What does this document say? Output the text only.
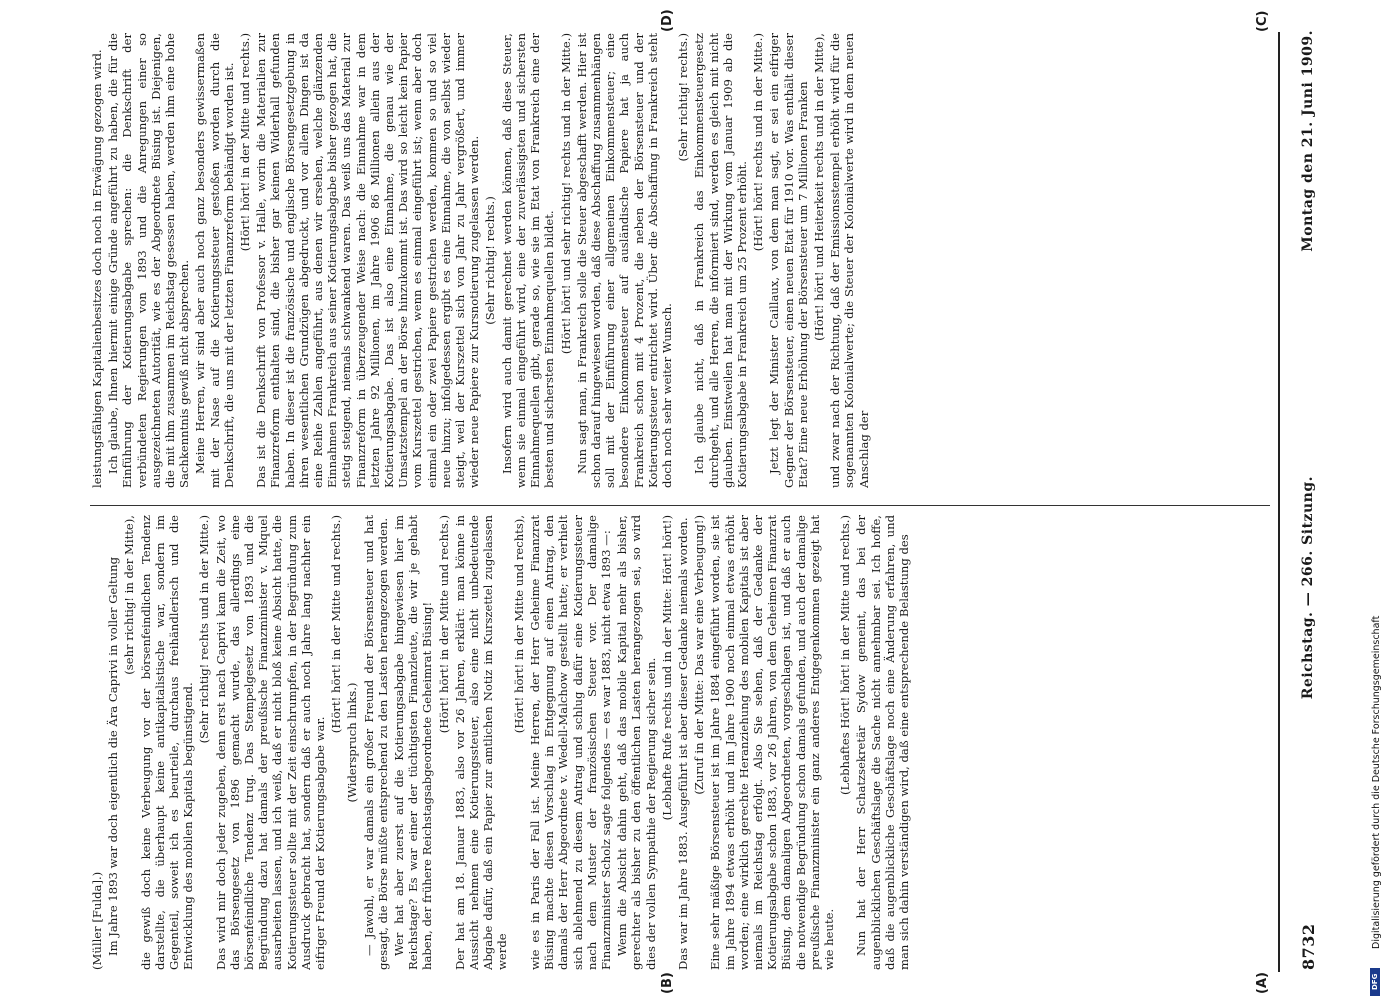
8732
Reichstag. — 266. Sitzung.
Montag den 21. Juni 1909.

(Müller [Fulda].) Im Jahre 1893 war doch eigentlich die Ära Caprivi in voller Geltung (sehr richtig! in der Mitte), die gewiß doch keine Verbeugung vor der börsenfeindlichen Tendenz darstellte, die überhaupt keine antikapitalistische war, sondern im Gegenteil, soweit ich es beurteile, durchaus freihändlerisch und die Entwicklung des mobilen Kapitals begünstigend.

(Sehr richtig! rechts und in der Mitte.) Das wird mir doch jeder zugeben, denn erst nach Caprivi kam die Zeit, wo das Börsengesetz von 1896 gemacht wurde, das allerdings eine börsenfeindliche Tendenz trug. Das Stempelgesetz von 1893 und die Begründung dazu hat damals der preußische Finanzminister v. Miquel ausarbeiten lassen, und ich weiß, daß er nicht bloß keine Absicht hatte, die Kotierungssteuer sollte mit der Zeit einschrumpfen, in der Begründung zum Ausdruck gebracht hat, sondern daß er auch noch Jahre lang nachher ein eifriger Freund der Kotierungsabgabe war.

(Hört! hört! in der Mitte und rechts.)

(Widerspruch links.) — Jawohl, er war damals ein großer Freund der Börsensteuer und hat gesagt, die Börse müßte entsprechend zu den Lasten herangezogen werden. Wer hat aber zuerst auf die Kotierungsabgabe hingewiesen hier im Reichstage? Es war einer der tüchtigsten Finanzleute, die wir je gehabt haben, der frühere Reichstagsabgeordnete Geheimrat Büsing! (Hört! hört! in der Mitte und rechts.) Der hat am 18. Januar 1883, also vor 26 Jahren, erklärt: man könne in Aussicht nehmen eine Kotierungssteuer, also eine nicht unbedeutende Abgabe dafür, daß ein Papier zur amtlichen Notiz im Kurszettel zugelassen werde

(Hört! hört! in der Mitte und rechts), wie es in Paris der Fall ist. Meine Herren, der Herr Geheime Finanzrat Büsing machte diesen Vorschlag in Entgegnung auf einen Antrag, den damals der Herr Abgeordnete v. Wedell-Malchow gestellt hatte; er verhielt sich ablehnend zu diesem Antrag und schlug dafür eine Kotierungssteuer nach dem Muster der französischen Steuer vor. Der damalige Finanzminister Scholz sagte folgendes — es war 1883, nicht etwa 1893 —: Wenn die Absicht dahin geht, daß das mobile Kapital mehr als bisher, gerechter als bisher zu den öffentlichen Lasten herangezogen sei, so wird dies der vollen Sympathie der Regierung sicher sein. (Lebhafte Rufe rechts und in der Mitte: Hört! hört!) Das war im Jahre 1883. Ausgeführt ist aber dieser Gedanke niemals worden. (Zuruf in der Mitte: Das war eine Verbeugung!) Eine sehr mäßige Börsensteuer ist im Jahre 1884 eingeführt worden, sie ist im Jahre 1894 etwas erhöht und im Jahre 1900 noch einmal etwas erhöht worden; eine wirklich gerechte Heranziehung des mobilen Kapitals ist aber niemals im Reichstag erfolgt. Also Sie sehen, daß der Gedanke der Kotierungsabgabe schon 1883, vor 26 Jahren, von dem Geheimen Finanzrat Büsing, dem damaligen Abgeordneten, vorgeschlagen ist, und daß er auch die notwendige Begründung schon damals gefunden, und auch der damalige preußische Finanzminister ein ganz anderes Entgegenkommen gezeigt hat wie heute.

(Lebhaftes Hört! hört! in der Mitte und rechts.) Nun hat der Herr Schatzsekretär Sydow gemeint, das bei der augenblicklichen Geschäftslage die Sache nicht annehmbar sei. Ich hoffe, daß die augenblickliche Geschäftslage noch eine Änderung erfahren, und man sich dahin verständigen wird, daß eine entsprechende Belastung des

leistungsfähigen Kapitalienbesitzes doch noch in Erwägung gezogen wird. Ich glaube, Ihnen hiermit einige Gründe angeführt zu haben, die für die Einführung der Kotierungsabgabe sprechen: die Denkschrift der verbündeten Regierungen von 1893 und die Anregungen einer so ausgezeichneten Autorität, wie es der Abgeordnete Büsing ist. Diejenigen, die mit ihm zusammen im Reichstag gesessen haben, werden ihm eine hohe Sachkenntnis gewiß nicht absprechen. Meine Herren, wir sind aber auch noch ganz besonders gewissermaßen mit der Nase auf die Kotierungssteuer gestoßen worden durch die Denkschrift, die uns mit der letzten Finanzreform behändigt worden ist. (Hört! hört! in der Mitte und rechts.) Das ist die Denkschrift von Professor v. Halle, worin die Materialien zur Finanzreform enthalten sind, die bisher gar keinen Widerhall gefunden haben. In dieser ist die französische und englische Börsengesetzgebung in ihren wesentlichen Grundzügen abgedruckt, und vor allem Dingen ist da eine Reihe Zahlen angeführt, aus denen wir ersehen, welche glänzenden Einnahmen Frankreich aus seiner Kotierungsabgabe bisher gezogen hat, die stetig steigend, niemals schwankend waren. Das weiß uns das Material zur Finanzreform in überzeugender Weise nach: die Einnahme war in dem letzten Jahre 92 Millionen, im Jahre 1906 86 Millionen allein aus der Kotierungsabgabe. Das ist also eine Einnahme, die genau wie der Umsatzstempel an der Börse hinzukommt ist. Das wird so leicht kein Papier vom Kurszettel gestrichen, wenn es einmal eingeführt ist; wenn aber doch einmal ein oder zwei Papiere gestrichen werden, kommen so und so viel neue hinzu; infolgedessen ergibt es eine Einnahme, die von selbst wieder steigt, weil der Kurszettel sich von Jahr zu Jahr vergrößert, und immer wieder neue Papiere zur Kursnotierung zugelassen werden. (Sehr richtig! rechts.) Insofern wird auch damit gerechnet werden können, daß diese Steuer, wenn sie einmal eingeführt wird, eine der zuverlässigsten und sichersten Einnahmequellen gibt, gerade so, wie sie im Etat von Frankreich eine der besten und sichersten Einnahmequellen bildet. (Hört! hört! und sehr richtig! rechts und in der Mitte.) Nun sagt man, in Frankreich solle die Steuer abgeschafft werden. Hier ist schon darauf hingewiesen worden, daß diese Abschaffung zusammenhängen soll mit der Einführung einer allgemeinen Einkommensteuer; eine besondere Einkommensteuer auf ausländische Papiere hat ja auch Frankreich schon mit 4 Prozent, die neben der Börsensteuer und der Kotierungssteuer entrichtet wird. Über die Abschaffung in Frankreich steht doch noch sehr weiter Wunsch.

(Sehr richtig! rechts.) Ich glaube nicht, daß in Frankreich das Einkommensteuergesetz durchgeht, und alle Herren, die informiert sind, werden es gleich mit nicht glauben. Einstweilen hat man mit der Wirkung vom Januar 1909 ab die Kotierungsabgabe in Frankreich um 25 Prozent erhöht.

(Hört! hört! rechts und in der Mitte.) Jetzt legt der Minister Caillaux, von dem man sagt, er sei ein eifriger Gegner der Börsensteuer, einen neuen Etat für 1910 vor. Was enthält dieser Etat? Eine neue Erhöhung der Börsensteuer um 7 Millionen Franken (Hört! hört! und Heiterkeit rechts und in der Mitte), und zwar nach der Richtung, daß der Emissionsstempel erhöht wird für die sogenannten Kolonialwerte; die Steuer der Kolonialwerte wird in dem neuen Anschlag der

(A)
(B)
(C)
(D)
Digitalisierung gefördert durch die Deutsche Forschungsgemeinschaft
DFG
